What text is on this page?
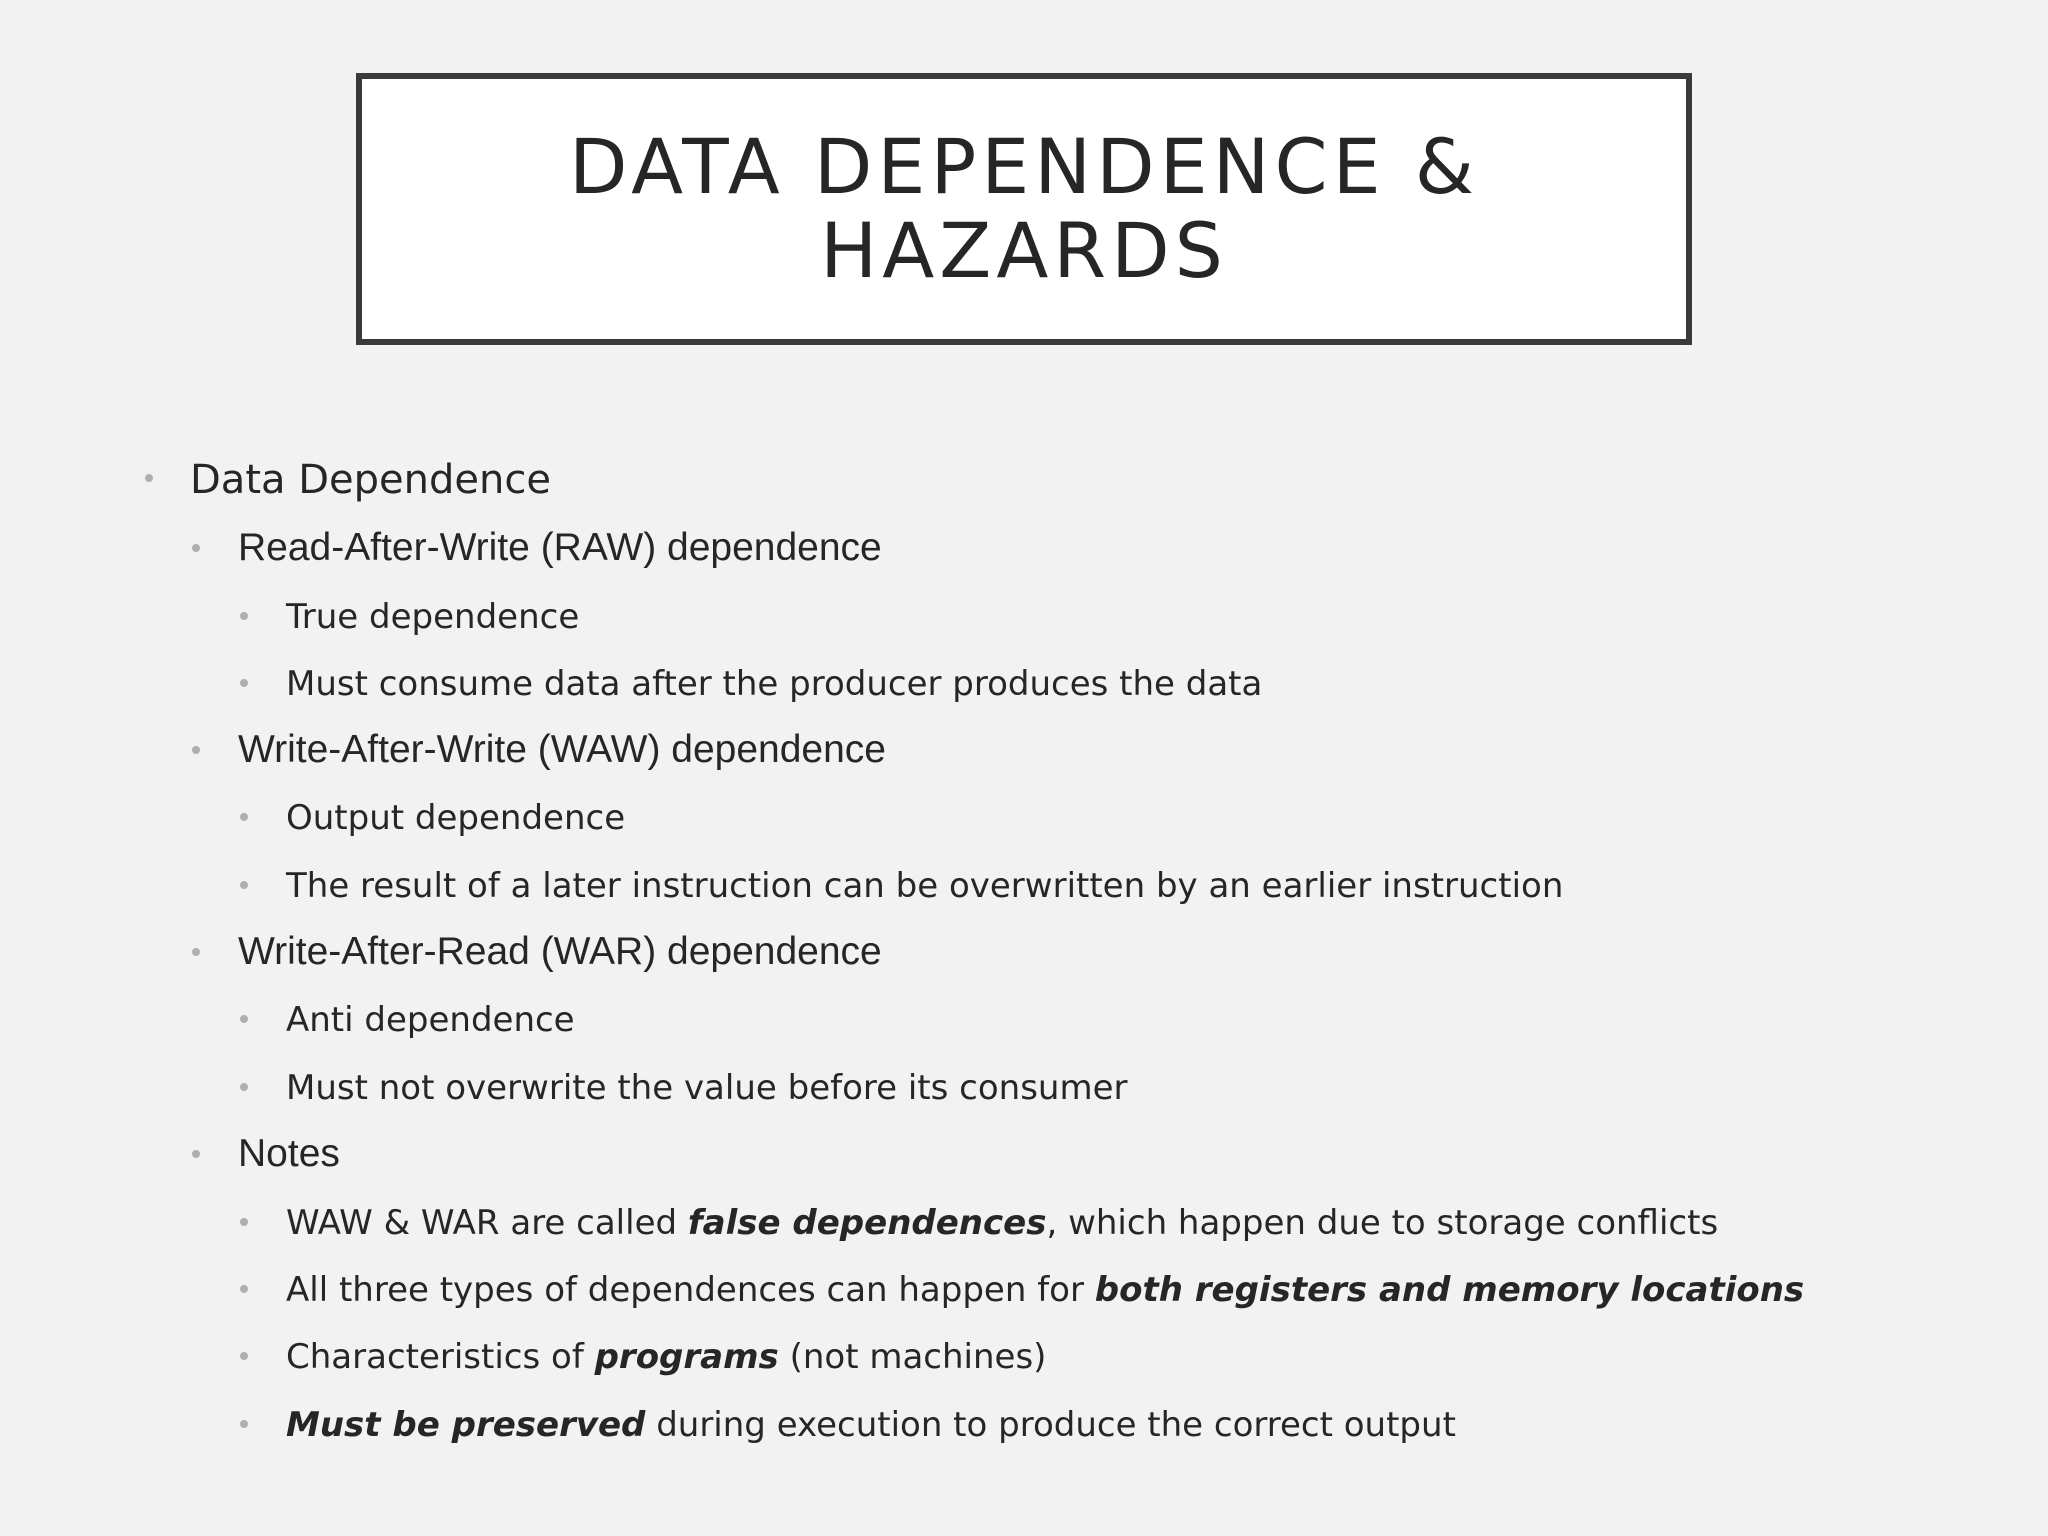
DATA DEPENDENCE &
HAZARDS
Data Dependence
Read-After-Write (RAW) dependence
True dependence
Must consume data after the producer produces the data
Write-After-Write (WAW) dependence
Output dependence
The result of a later instruction can be overwritten by an earlier instruction
Write-After-Read (WAR) dependence
Anti dependence
Must not overwrite the value before its consumer
Notes
WAW & WAR are called false dependences, which happen due to storage conflicts
All three types of dependences can happen for both registers and memory locations
Characteristics of programs (not machines)
Must be preserved during execution to produce the correct output
